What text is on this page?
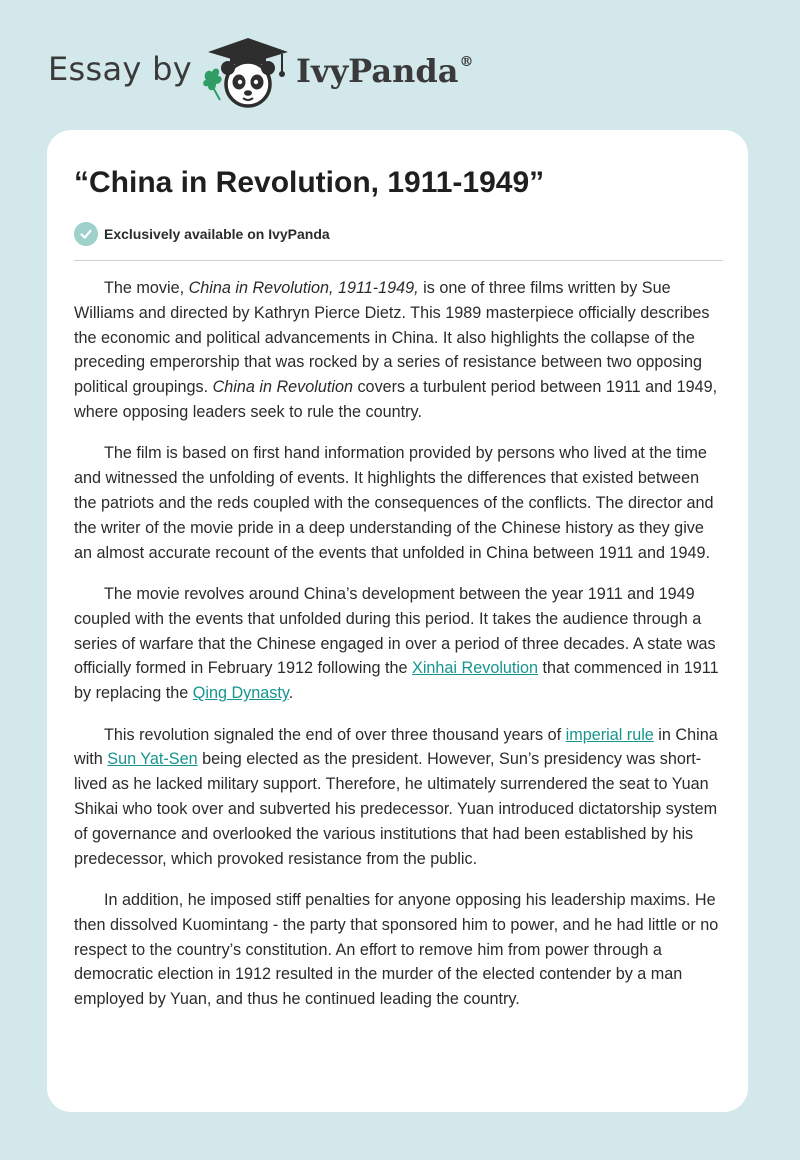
Essay by	IvyPanda®
“China in Revolution, 1911-1949”
Exclusively available on IvyPanda

The movie, China in Revolution, 1911-1949, is one of three films written by Sue Williams and directed by Kathryn Pierce Dietz. This 1989 masterpiece officially describes the economic and political advancements in China. It also highlights the collapse of the preceding emperorship that was rocked by a series of resistance between two opposing political groupings. China in Revolution covers a turbulent period between 1911 and 1949, where opposing leaders seek to rule the country.

The film is based on first hand information provided by persons who lived at the time and witnessed the unfolding of events. It highlights the differences that existed between the patriots and the reds coupled with the consequences of the conflicts. The director and the writer of the movie pride in a deep understanding of the Chinese history as they give an almost accurate recount of the events that unfolded in China between 1911 and 1949.

The movie revolves around China’s development between the year 1911 and 1949 coupled with the events that unfolded during this period. It takes the audience through a series of warfare that the Chinese engaged in over a period of three decades. A state was officially formed in February 1912 following the Xinhai Revolution that commenced in 1911 by replacing the Qing Dynasty.

This revolution signaled the end of over three thousand years of imperial rule in China with Sun Yat-Sen being elected as the president. However, Sun’s presidency was short-lived as he lacked military support. Therefore, he ultimately surrendered the seat to Yuan Shikai who took over and subverted his predecessor. Yuan introduced dictatorship system of governance and overlooked the various institutions that had been established by his predecessor, which provoked resistance from the public.

In addition, he imposed stiff penalties for anyone opposing his leadership maxims. He then dissolved Kuomintang - the party that sponsored him to power, and he had little or no respect to the country’s constitution. An effort to remove him from power through a democratic election in 1912 resulted in the murder of the elected contender by a man employed by Yuan, and thus he continued leading the country.
